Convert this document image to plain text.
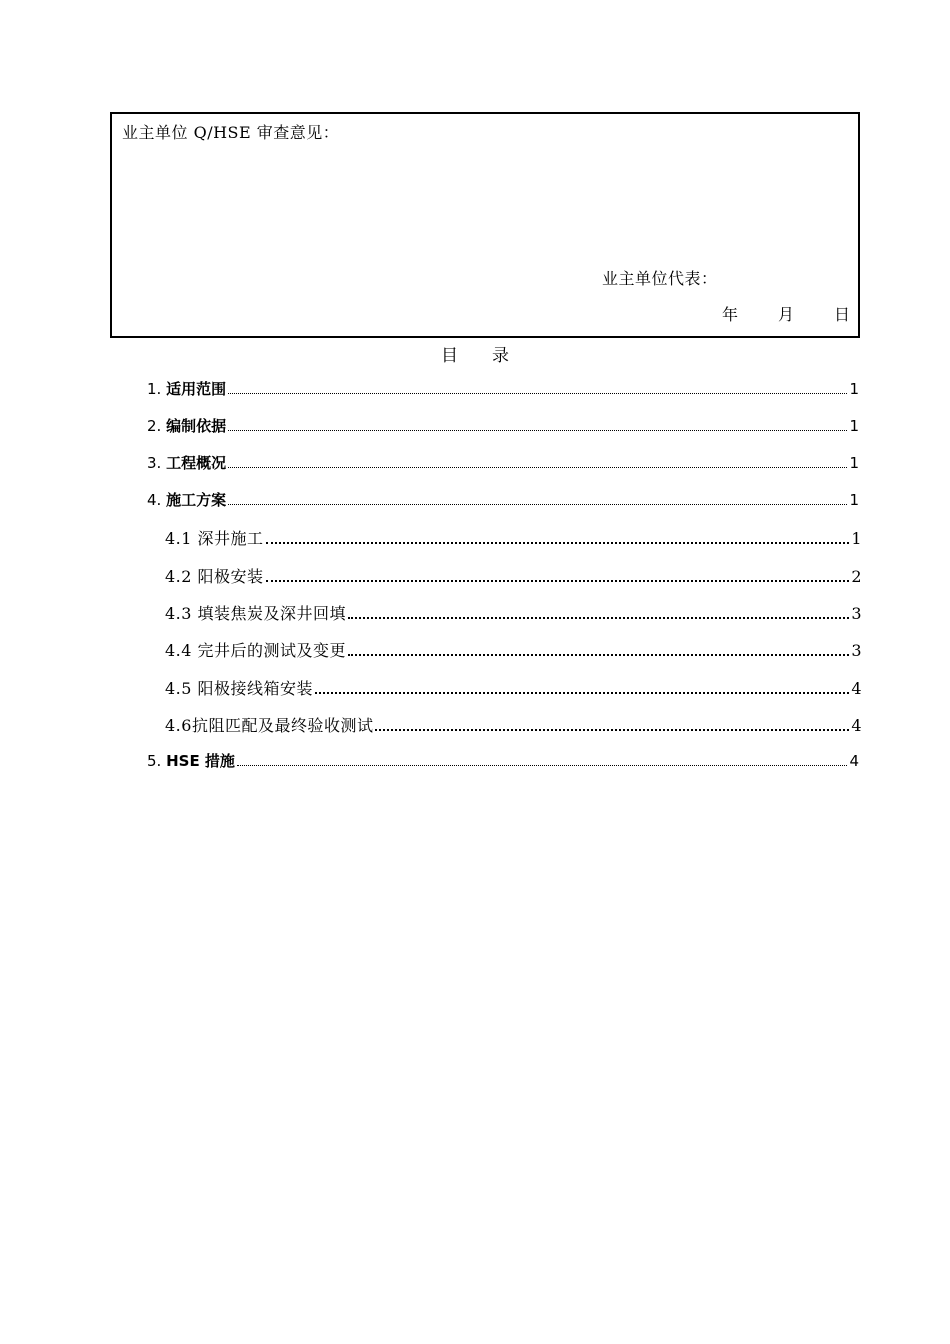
业主单位 Q/HSE 审查意见：
业主单位代表：
年	月	日
目 录
1. 适用范围	1
2. 编制依据	1
3. 工程概况	1
4. 施工方案	1
4.1 深井施工	1
4.2 阳极安装	2
4.3 填装焦炭及深井回填	3
4.4 完井后的测试及变更	3
4.5 阳极接线箱安装	4
4.6 抗阻匹配及最终验收测试	4
5. HSE 措施	4
